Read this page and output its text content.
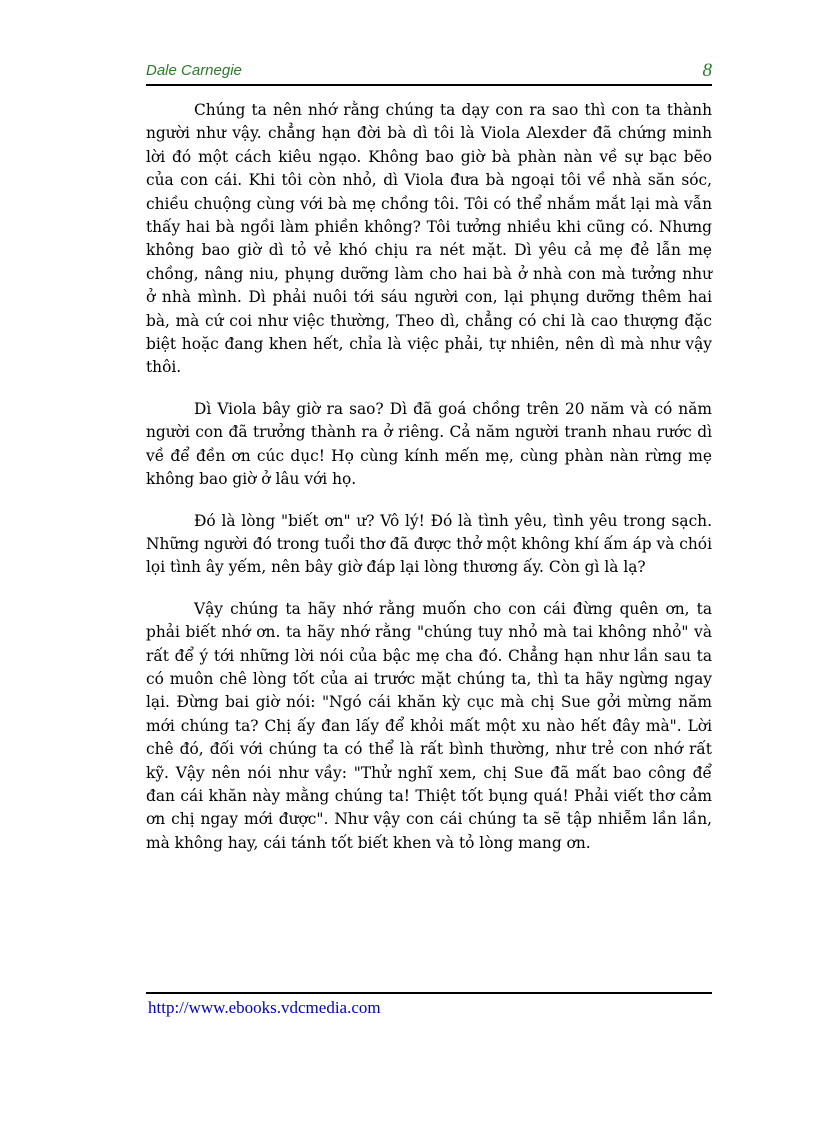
Dale Carnegie	8

Chúng ta nên nhớ rằng chúng ta dạy con ra sao thì con ta thành người như vậy. chẳng hạn đời bà dì tôi là Viola Alexder đã chứng minh lời đó một cách kiêu ngạo. Không bao giờ bà phàn nàn về sự bạc bẽo của con cái. Khi tôi còn nhỏ, dì Viola đưa bà ngoại tôi về nhà săn sóc, chiều chuộng cùng với bà mẹ chồng tôi. Tôi có thể nhắm mắt lại mà vẫn thấy hai bà ngồi làm phiền không? Tôi tưởng nhiều khi cũng có. Nhưng không bao giờ dì tỏ vẻ khó chịu ra nét mặt. Dì yêu cả mẹ đẻ lẫn mẹ chồng, nâng niu, phụng dưỡng làm cho hai bà ở nhà con mà tưởng như ở nhà mình. Dì phải nuôi tới sáu người con, lại phụng dưỡng thêm hai bà, mà cứ coi như việc thường, Theo dì, chẳng có chi là cao thượng đặc biệt hoặc đang khen hết, chỉa là việc phải, tự nhiên, nên dì mà như vậy thôi.

Dì Viola bây giờ ra sao? Dì đã goá chồng trên 20 năm và có năm người con đã trưởng thành ra ở riêng. Cả năm người tranh nhau rước dì về để đền ơn cúc dục! Họ cùng kính mến mẹ, cùng phàn nàn rừng mẹ không bao giờ ở lâu với họ.

Đó là lòng "biết ơn" ư? Vô lý! Đó là tình yêu, tình yêu trong sạch. Những người đó trong tuổi thơ đã được thở một không khí ấm áp và chói lọi tình ây yếm, nên bây giờ đáp lại lòng thương ấy. Còn gì là lạ?

Vậy chúng ta hãy nhớ rằng muốn cho con cái đừng quên ơn, ta phải biết nhớ ơn. ta hãy nhớ rằng "chúng tuy nhỏ mà tai không nhỏ" và rất để ý tới những lời nói của bậc mẹ cha đó. Chẳng hạn như lần sau ta có muôn chê lòng tốt của ai trước mặt chúng ta, thì ta hãy ngừng ngay lại. Đừng bai giờ nói: "Ngó cái khăn kỳ cục mà chị Sue gởi mừng năm mới chúng ta? Chị ấy đan lấy để khỏi mất một xu nào hết đây mà". Lời chê đó, đối với chúng ta có thể là rất bình thường, như trẻ con nhớ rất kỹ. Vậy nên nói như vầy: "Thử nghĩ xem, chị Sue đã mất bao công để đan cái khăn này mằng chúng ta! Thiệt tốt bụng quá! Phải viết thơ cảm ơn chị ngay mới được". Như vậy con cái chúng ta sẽ tập nhiễm lần lần, mà không hay, cái tánh tốt biết khen và tỏ lòng mang ơn.

http://www.ebooks.vdcmedia.com
